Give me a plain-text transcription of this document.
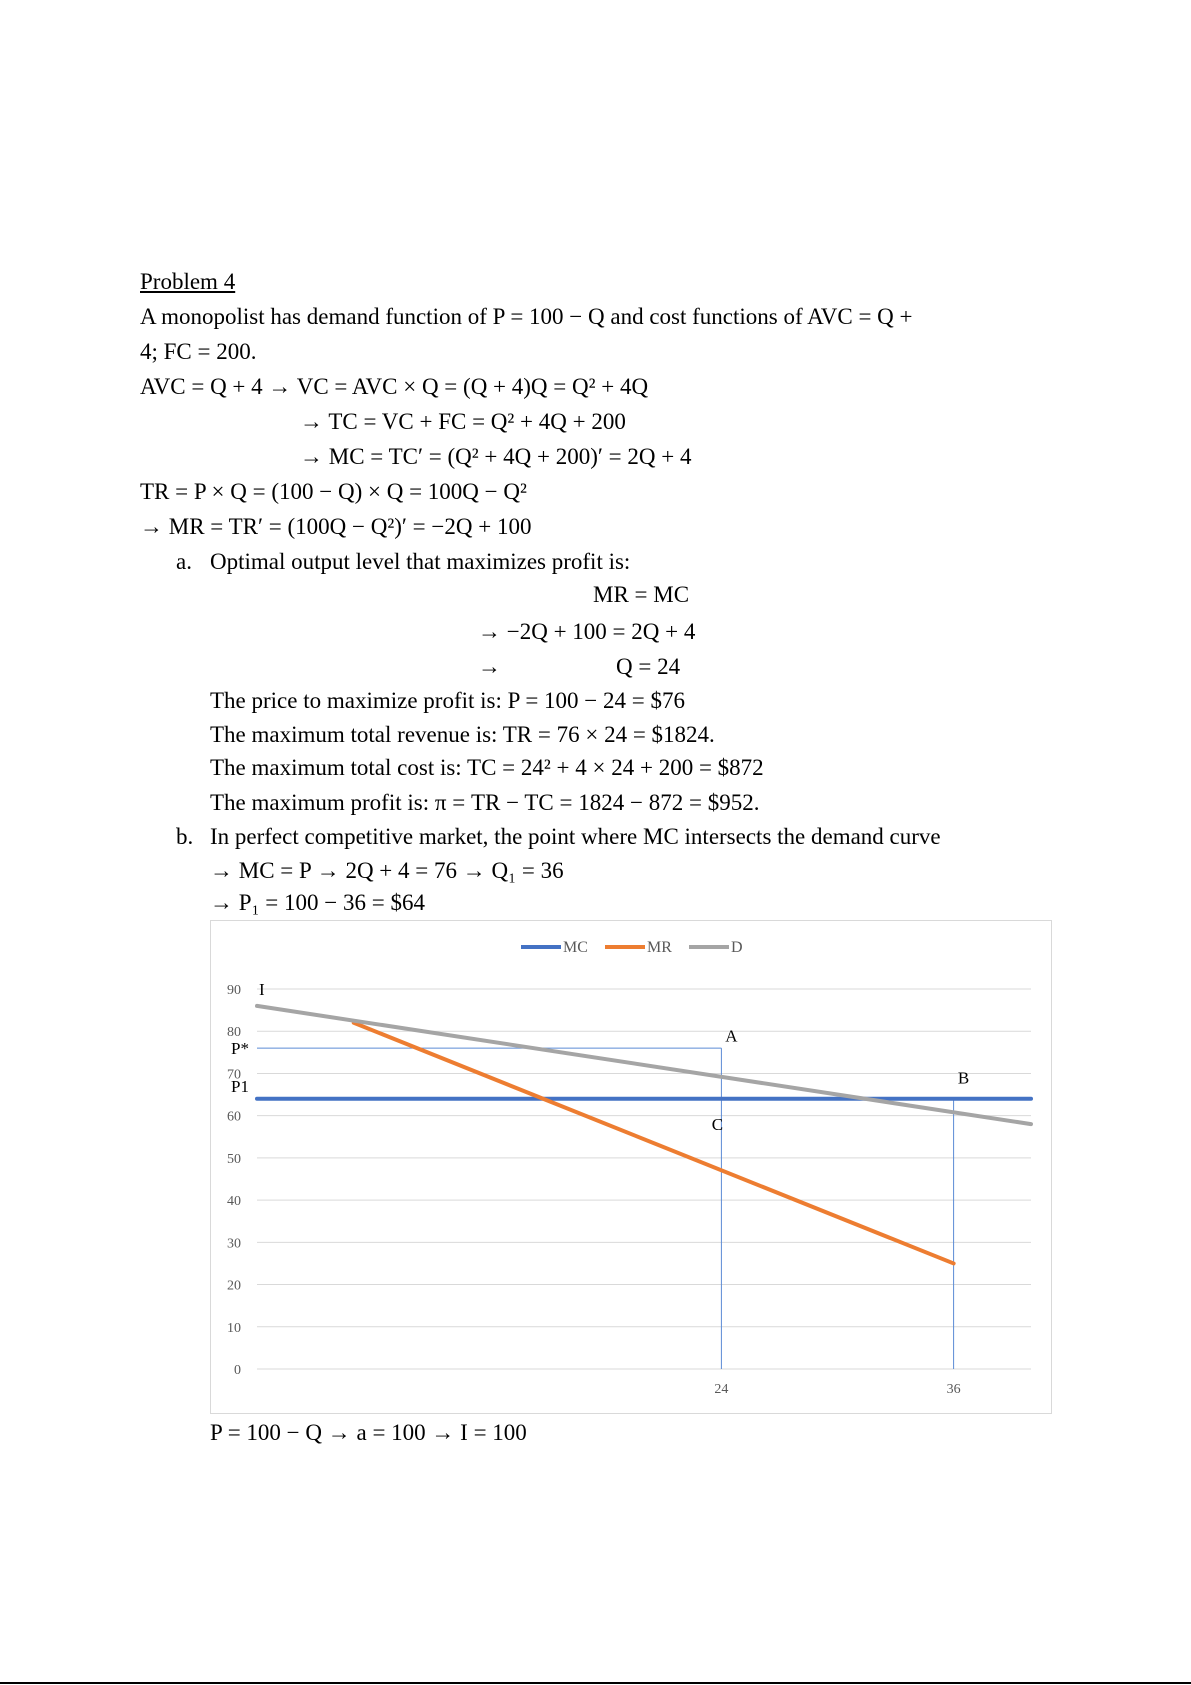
Problem 4
A monopolist has demand function of P = 100 − Q and cost functions of AVC = Q +
4; FC = 200.
AVC = Q + 4 → VC = AVC × Q = (Q + 4)Q = Q² + 4Q
→ TC = VC + FC = Q² + 4Q + 200
→ MC = TC′ = (Q² + 4Q + 200)′ = 2Q + 4
TR = P × Q = (100 − Q) × Q = 100Q − Q²
→ MR = TR′ = (100Q − Q²)′ = −2Q + 100
a. Optimal output level that maximizes profit is:
MR = MC
→ −2Q + 100 = 2Q + 4
→	Q = 24
The price to maximize profit is: P = 100 − 24 = $76
The maximum total revenue is: TR = 76 × 24 = $1824.
The maximum total cost is: TC = 24² + 4 × 24 + 200 = $872
The maximum profit is: π = TR − TC = 1824 − 872 = $952.
b. In perfect competitive market, the point where MC intersects the demand curve
→ MC = P → 2Q + 4 = 76 → Q₁ = 36
→ P₁ = 100 − 36 = $64
0
10
20
30
40
50
60
70
80
90
24	36
I
P*
P1
A
B
C
MC	MR	D
P = 100 − Q → a = 100 → I = 100
